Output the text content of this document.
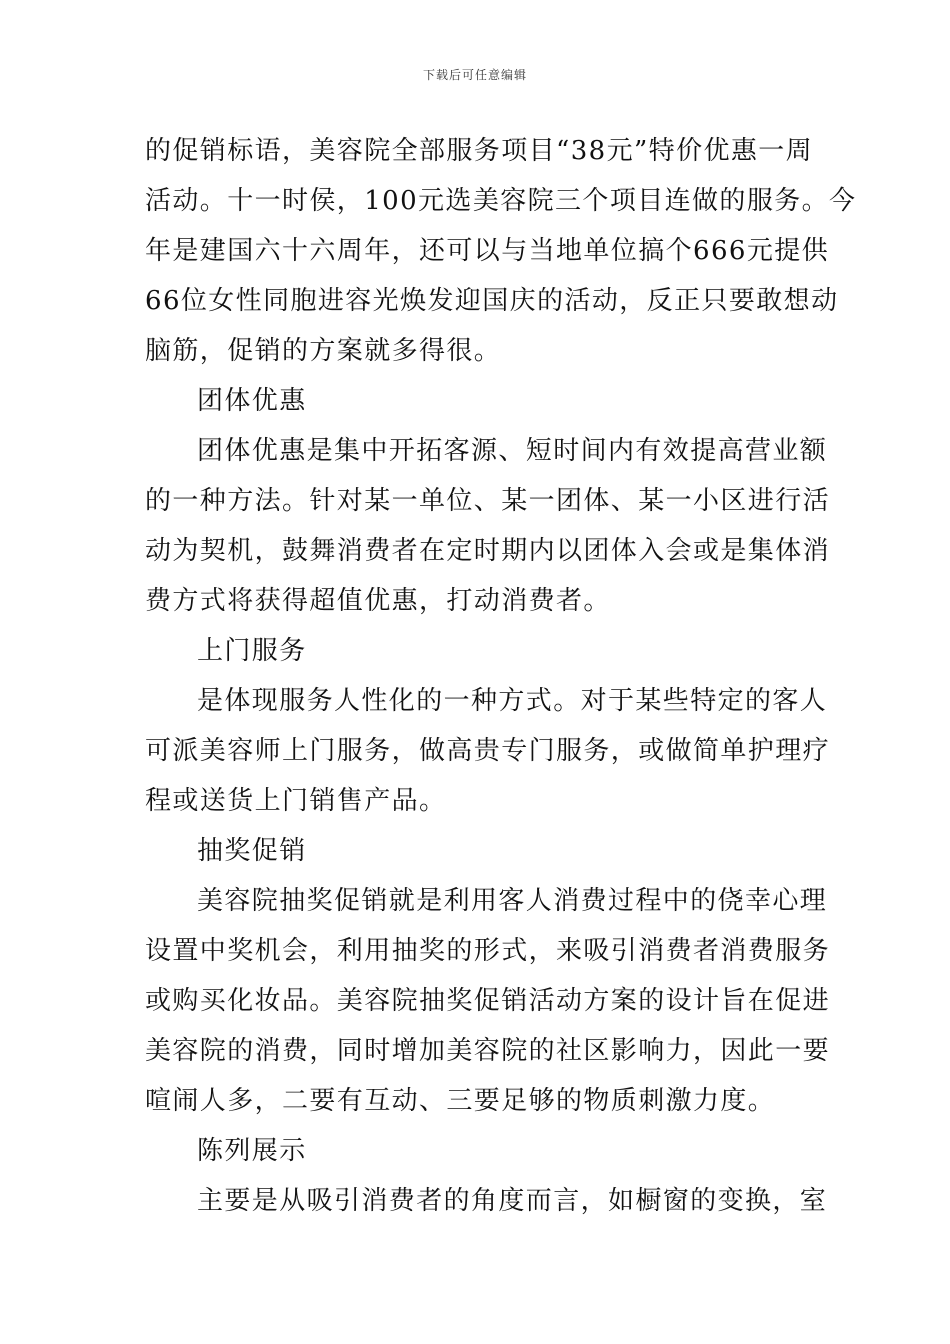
下载后可任意编辑
的促销标语，美容院全部服务项目“38元”特价优惠一周
活动。十一时侯，100元选美容院三个项目连做的服务。今
年是建国六十六周年，还可以与当地单位搞个666元提供
66位女性同胞进容光焕发迎国庆的活动，反正只要敢想动
脑筋，促销的方案就多得很。
团体优惠
团体优惠是集中开拓客源、短时间内有效提高营业额
的一种方法。针对某一单位、某一团体、某一小区进行活
动为契机，鼓舞消费者在定时期内以团体入会或是集体消
费方式将获得超值优惠，打动消费者。
上门服务
是体现服务人性化的一种方式。对于某些特定的客人
可派美容师上门服务，做高贵专门服务，或做简单护理疗
程或送货上门销售产品。
抽奖促销
美容院抽奖促销就是利用客人消费过程中的侥幸心理
设置中奖机会，利用抽奖的形式，来吸引消费者消费服务
或购买化妆品。美容院抽奖促销活动方案的设计旨在促进
美容院的消费，同时增加美容院的社区影响力，因此一要
喧闹人多，二要有互动、三要足够的物质刺激力度。
陈列展示
主要是从吸引消费者的角度而言，如橱窗的变换，室
